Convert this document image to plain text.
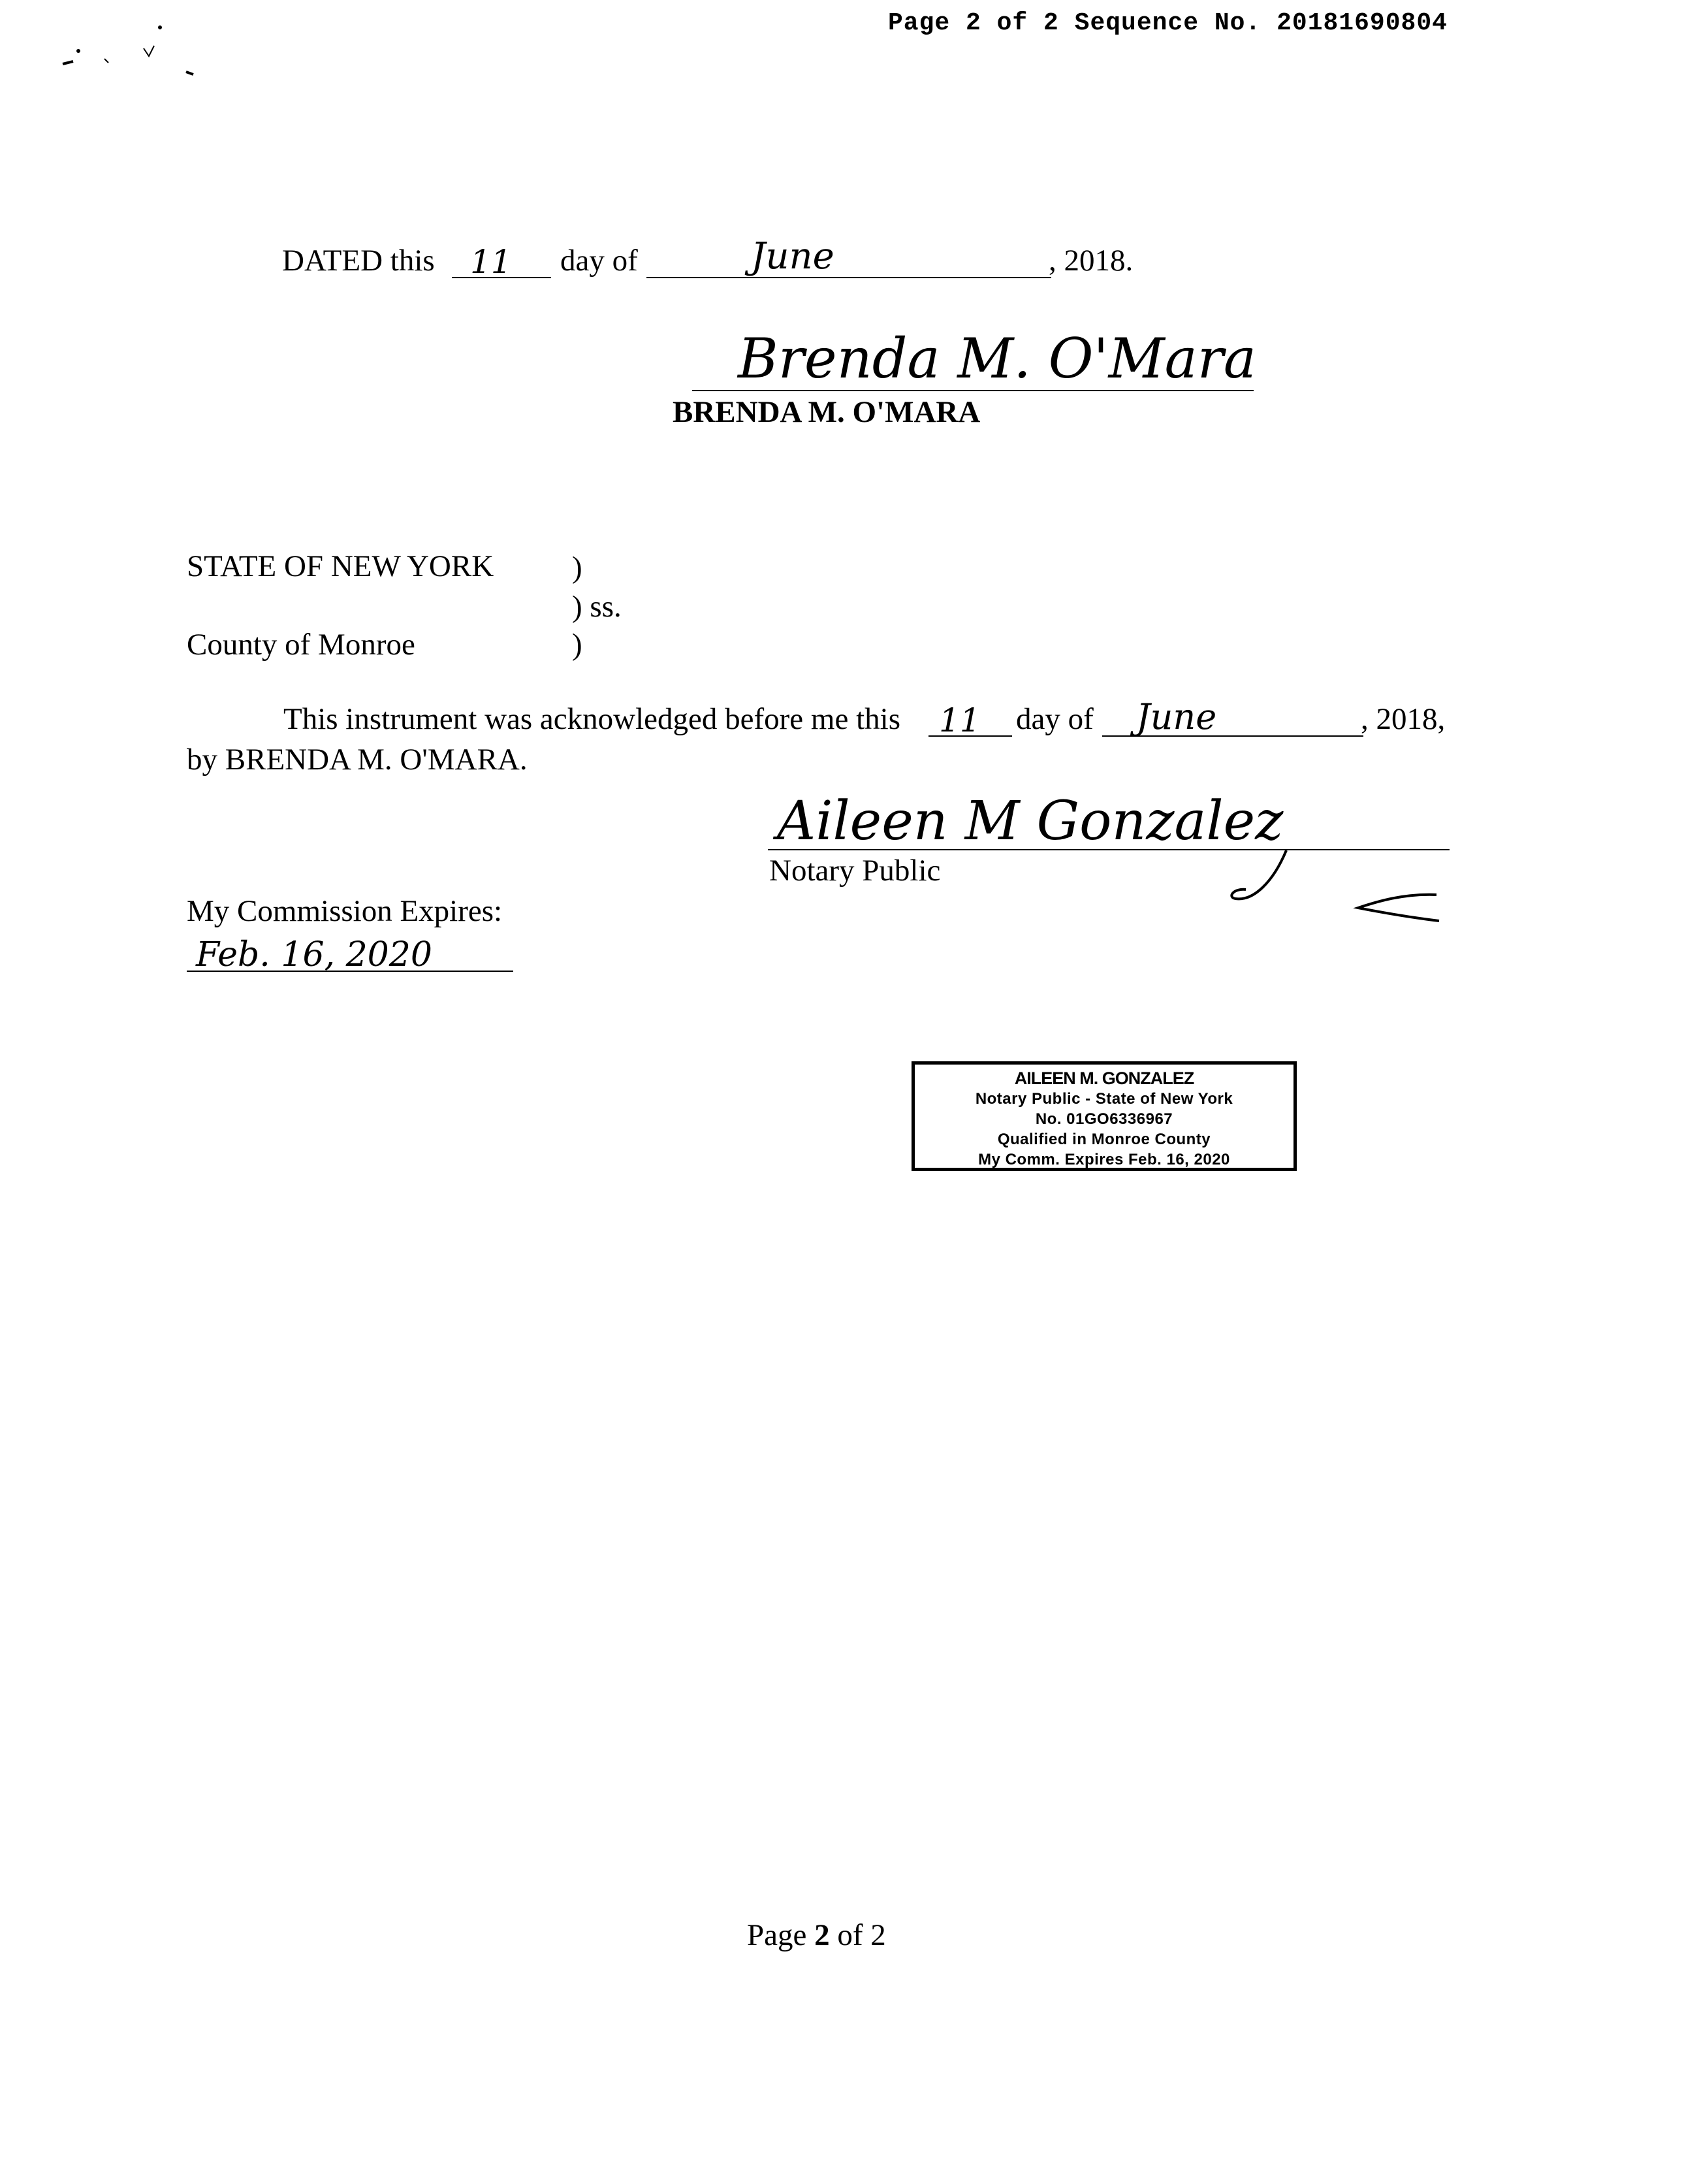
Page 2 of 2 Sequence No. 20181690804
DATED this 11 day of	June	, 2018.
Brenda M. O'Mara
BRENDA M. O'MARA
STATE OF NEW YORK	)
) ss.
County of Monroe	)
This instrument was acknowledged before me this 11 day of June	, 2018,
by BRENDA M. O'MARA.
Aileen M Gonzalez
Notary Public
My Commission Expires:
Feb. 16, 2020
AILEEN M. GONZALEZ
Notary Public - State of New York
No. 01GO6336967
Qualified in Monroe County
My Comm. Expires Feb. 16, 2020
Page 2 of 2
